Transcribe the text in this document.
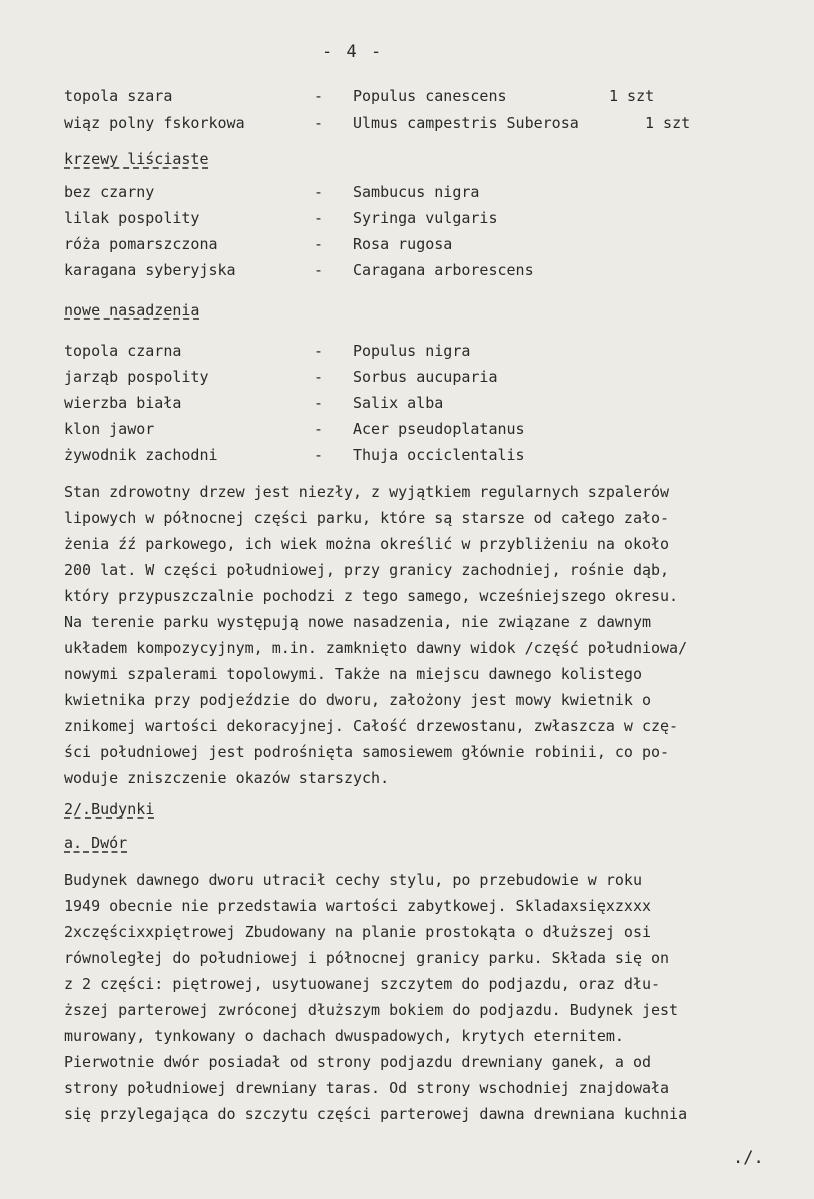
- 4 -
topola szara	- Populus canescens	1 szt
wiąz polny fskorkowa	- Ulmus campestris Suberosa	1 szt
krzewy liściaste
bez czarny	- Sambucus nigra
lilak pospolity	- Syringa vulgaris
róża pomarszczona	- Rosa rugosa
karagana syberyjska	- Caragana arborescens
nowe nasadzenia
topola czarna	- Populus nigra
jarząb pospolity	- Sorbus aucuparia
wierzba biała	- Salix alba
klon jawor	- Acer pseudoplatanus
żywodnik zachodni	- Thuja occiclentalis
Stan zdrowotny drzew jest niezły, z wyjątkiem regularnych szpalerów
lipowych w północnej części parku, które są starsze od całego zało-
żenia źź parkowego, ich wiek można określić w przybliżeniu na około
200 lat. W części południowej, przy granicy zachodniej, rośnie dąb,
który przypuszczalnie pochodzi z tego samego, wcześniejszego okresu.
Na terenie parku występują nowe nasadzenia, nie związane z dawnym
układem kompozycyjnym, m.in. zamknięto dawny widok /część południowa/
nowymi szpalerami topolowymi. Także na miejscu dawnego kolistego
kwietnika przy podjeździe do dworu, założony jest mowy kwietnik o
znikomej wartości dekoracyjnej. Całość drzewostanu, zwłaszcza w czę-
ści południowej jest podrośnięta samosiewem głównie robinii, co po-
woduje zniszczenie okazów starszych.
2/.Budynki
a. Dwór
Budynek dawnego dworu utracił cechy stylu, po przebudowie w roku
1949 obecnie nie przedstawia wartości zabytkowej. Skladaxsięxzxxx
2xczęścixxpiętrowej Zbudowany na planie prostokąta o dłuższej osi
równoległej do południowej i północnej granicy parku. Składa się on
z 2 części: piętrowej, usytuowanej szczytem do podjazdu, oraz dłu-
ższej parterowej zwróconej dłuższym bokiem do podjazdu. Budynek jest
murowany, tynkowany o dachach dwuspadowych, krytych eternitem.
Pierwotnie dwór posiadał od strony podjazdu drewniany ganek, a od
strony południowej drewniany taras. Od strony wschodniej znajdowała
się przylegająca do szczytu części parterowej dawna drewniana kuchnia
./.
